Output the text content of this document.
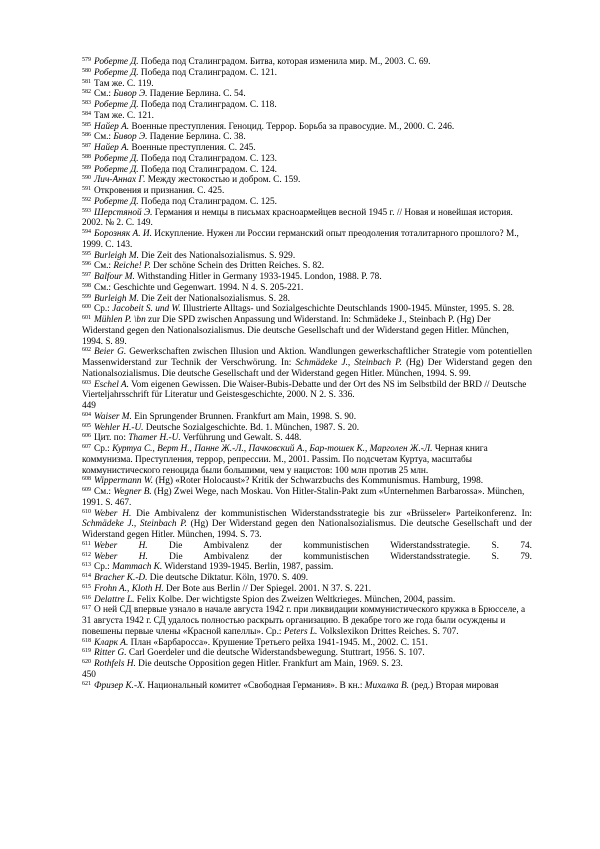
$^{579}$ Роберте Д. Победа под Сталинградом. Битва, которая изменила мир. М., 2003. С. 69.

$^{580}$ Роберте Д. Победа под Сталинградом. С. 121.

$^{581}$ Там же. С. 119.

$^{582}$ См.: Бивор Э. Падение Берлина. С. 54.

$^{583}$ Роберте Д. Победа под Сталинградом. С. 118.

$^{584}$ Там же. С. 121.

$^{585}$ Найер А. Военные преступления. Геноцид. Террор. Борьба за правосудие. М., 2000. С. 246.

$^{586}$ См.: Бивор Э. Падение Берлина. С. 38.

$^{587}$ Найер А. Военные преступления. С. 245.

$^{588}$ Роберте Д. Победа под Сталинградом. С. 123.

$^{589}$ Роберте Д. Победа под Сталинградом. С. 124.

$^{590}$ Лич-Аннах Г. Между жестокостью и добром. С. 159.

$^{591}$ Откровения и признания. С. 425.

$^{592}$ Роберте Д. Победа под Сталинградом. С. 125.

$^{593}$ Шерстяной Э. Германия и немцы в письмах красноармейцев весной 1945 г. // Новая и новейшая история. 2002. № 2. С. 149.

$^{594}$ Борозняк А. И. Искупление. Нужен ли России германский опыт преодоления тоталитарного прошлого? М., 1999. С. 143.

$^{595}$ Burleigh M. Die Zeit des Nationalsozialismus. S. 929.

$^{596}$ См.: Reiche! P. Der schöne Schein des Dritten Reiches. S. 82.

$^{597}$ Balfour M. Withstanding Hitler in Germany 1933-1945. London, 1988. P. 78.

$^{598}$ См.: Geschichte und Gegenwart. 1994. N 4. S. 205-221.

$^{599}$ Burleigh M. Die Zeit der Nationalsozialismus. S. 28.

$^{600}$ Ср.: Jacobeit S. und W. Illustrierte Alltags- und Sozialgeschichte Deutschlands 1900-1945. Münster, 1995. S. 28.

$^{601}$ Mühlen P. \bn zur Die SPD zwischen Anpassung und Widerstand. In: Schmädeke J., Steinbach P. (Hg) Der Widerstand gegen den Nationalsozialismus. Die deutsche Gesellschaft und der Widerstand gegen Hitler. München, 1994. S. 89.

$^{602}$ Beier G. Gewerkschaften zwischen Illusion und Aktion. Wandlungen gewerkschaftlicher Strategie vom potentiellen Massenwiderstand zur Technik der Verschwörung. In: Schmädeke J., Steinbach P. (Hg) Der Widerstand gegen den Nationalsozialismus. Die deutsche Gesellschaft und der Widerstand gegen Hitler. München, 1994. S. 99.

$^{603}$ Eschel A. Vom eigenen Gewissen. Die Waiser-Bubis-Debatte und der Ort des NS im Selbstbild der BRD // Deutsche Vierteljahrsschrift für Literatur und Geistesgeschichte, 2000. N 2. S. 336.

449

$^{604}$ Waiser M. Ein Sprungender Brunnen. Frankfurt am Main, 1998. S. 90.

$^{605}$ Wehler H.-U. Deutsche Sozialgeschichte. Bd. 1. München, 1987. S. 20.

$^{606}$ Цит. по: Thamer H.-U. Verführung und Gewalt. S. 448.

$^{607}$ Ср.: Куртуа С., Верт Н., Панне Ж.-Л., Пачковский А., Бар-тошек К., Марголен Ж.-Л. Черная книга коммунизма. Преступления, террор, репрессии. М., 2001. Passim. По подсчетам Куртуа, масштабы коммунистического геноцида были большими, чем у нацистов: 100 млн против 25 млн.

$^{608}$ Wippermann W. (Hg) «Roter Holocaust»? Kritik der Schwarzbuchs des Kommunismus. Hamburg, 1998.

$^{609}$ См.: Wegner B. (Hg) Zwei Wege, nach Moskau. Von Hitler-Stalin-Pakt zum «Unternehmen Barbarossa». München, 1991. S. 467.

$^{610}$ Weber H. Die Ambivalenz der kommunistischen Widerstandsstrategie bis zur «Brüsseler» Parteikonferenz. In: Schmädeke J., Steinbach P. (Hg) Der Widerstand gegen den Nationalsozialismus. Die deutsche Gesellschaft und der Widerstand gegen Hitler. München, 1994. S. 73.

$^{611}$ Weber H. Die Ambivalenz der kommunistischen Widerstandsstrategie. S. 74.

$^{612}$ Weber H. Die Ambivalenz der kommunistischen Widerstandsstrategie. S. 79.

$^{613}$ Ср.: Mammach K. Widerstand 1939-1945. Berlin, 1987, passim.

$^{614}$ Bracher K.-D. Die deutsche Diktatur. Köln, 1970. S. 409.

$^{615}$ Frohn A., Kloth H. Der Bote aus Berlin // Der Spiegel. 2001. N 37. S. 221.

$^{616}$ Delattre L. Felix Kolbe. Der wichtigste Spion des Zweizen Weltkrieges. München, 2004, passim.

$^{617}$ О ней СД впервые узнало в начале августа 1942 г. при ликвидации коммунистического кружка в Брюсселе, а 31 августа 1942 г. СД удалось полностью раскрыть организацию. В декабре того же года были осуждены и повешены первые члены «Красной капеллы». Ср.: Peters L. Volkslexikon Drittes Reiches. S. 707.

$^{618}$ Кларк А. План «Барбаросса». Крушение Третьего рейха 1941-1945. М., 2002. С. 151.

$^{619}$ Ritter G. Carl Goerdeler und die deutsche Widerstandsbewegung. Stuttrart, 1956. S. 107.

$^{620}$ Rothfels H. Die deutsche Opposition gegen Hitler. Frankfurt am Main, 1969. S. 23.

450

$^{621}$ Фризер К.-Х. Национальный комитет «Свободная Германия». В кн.: Михалка В. (ред.) Вторая мировая
